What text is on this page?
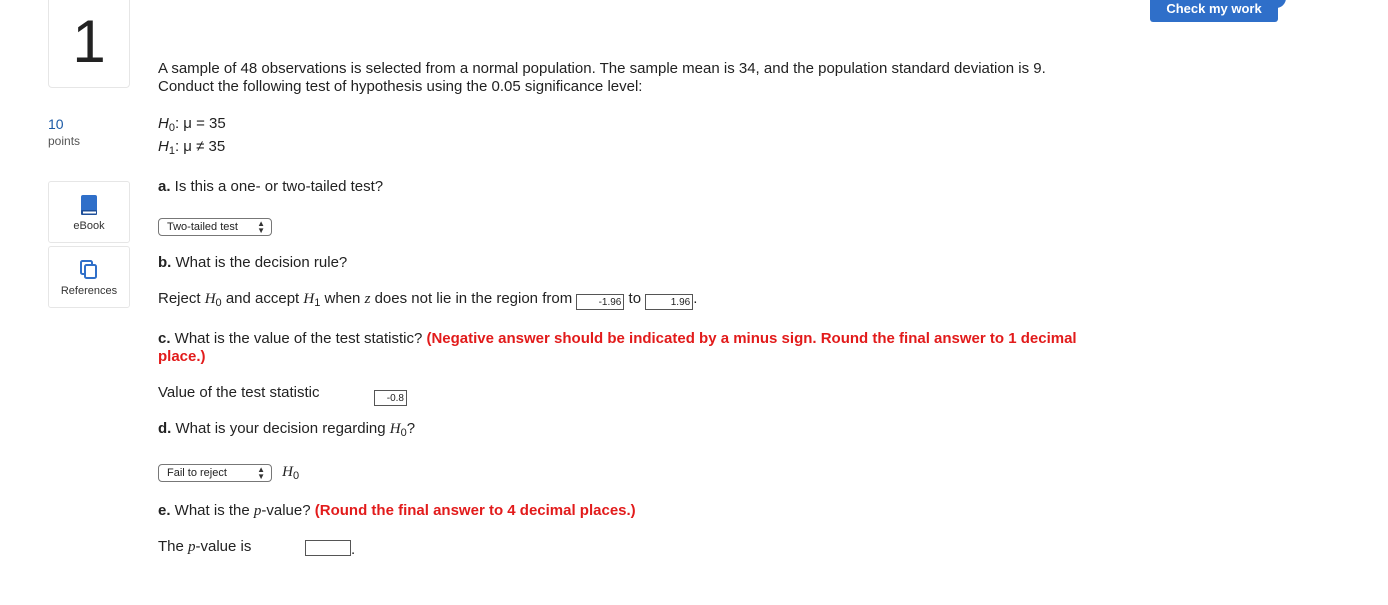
1
10
points
eBook
References
Check my work
A sample of 48 observations is selected from a normal population. The sample mean is 34, and the population standard deviation is 9.
Conduct the following test of hypothesis using the 0.05 significance level:
$H_0$: μ = 35
$H_1$: μ ≠ 35
a. Is this a one- or two-tailed test?
Two-tailed test ▲
▼
b. What is the decision rule?
Reject $H_0$ and accept $H_1$ when z does not lie in the region from -1.96 to	1.96 .
c. What is the value of the test statistic? (Negative answer should be indicated by a minus sign. Round the final answer to 1 decimal
place.)
Value of the test statistic	-0.8
d. What is your decision regarding $H_0$?
Fail to reject	▲
▼ $H_0$
e. What is the p-value? (Round the final answer to 4 decimal places.)
The p-value is	.
